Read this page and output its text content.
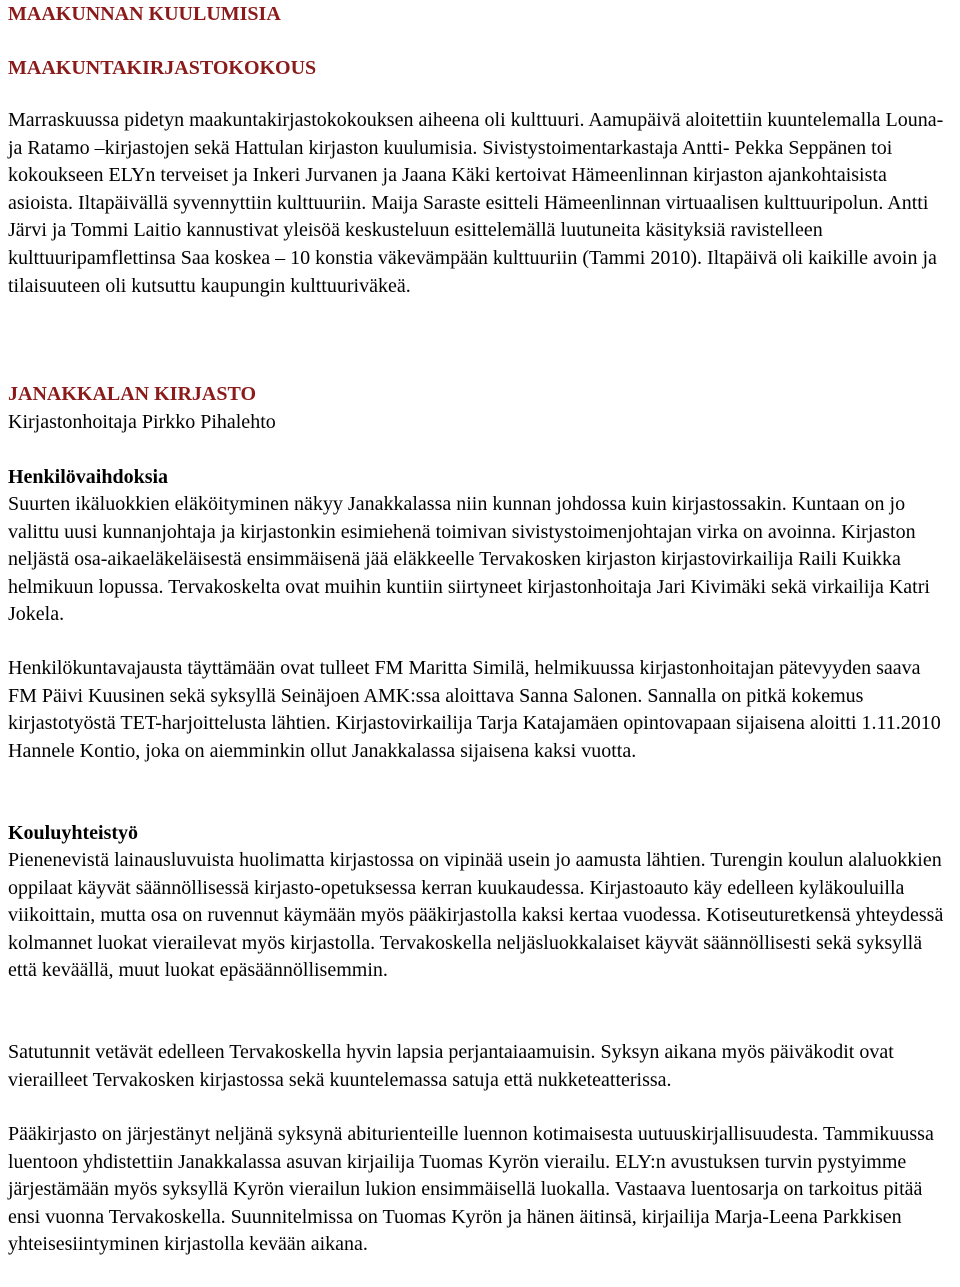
MAAKUNNAN KUULUMISIA
MAAKUNTAKIRJASTOKOKOUS

Marraskuussa pidetyn maakuntakirjastokokouksen aiheena oli kulttuuri. Aamupäivä aloitettiin kuuntelemalla Louna- ja Ratamo –kirjastojen sekä Hattulan kirjaston kuulumisia. Sivistystoimentarkastaja Antti- Pekka Seppänen toi kokoukseen ELYn terveiset ja Inkeri Jurvanen ja Jaana Käki kertoivat Hämeenlinnan kirjaston ajankohtaisista asioista. Iltapäivällä syvennyttiin kulttuuriin. Maija Saraste esitteli Hämeenlinnan virtuaalisen kulttuuripolun. Antti Järvi ja Tommi Laitio kannustivat yleisöä keskusteluun esittelemällä luutuneita käsityksiä ravistelleen kulttuuripamflettinsa Saa koskea – 10 konstia väkevämpään kulttuuriin (Tammi 2010). Iltapäivä oli kaikille avoin ja tilaisuuteen oli kutsuttu kaupungin kulttuuriväkeä.

JANAKKALAN KIRJASTO
Kirjastonhoitaja Pirkko Pihalehto
Henkilövaihdoksia

Suurten ikäluokkien eläköityminen näkyy Janakkalassa niin kunnan johdossa kuin kirjastossakin. Kuntaan on jo valittu uusi kunnanjohtaja ja kirjastonkin esimiehenä toimivan sivistystoimenjohtajan virka on avoinna. Kirjaston neljästä osa-aikaeläkeläisestä ensimmäisenä jää eläkkeelle Tervakosken kirjaston kirjastovirkailija Raili Kuikka helmikuun lopussa. Tervakoskelta ovat muihin kuntiin siirtyneet kirjastonhoitaja Jari Kivimäki sekä virkailija Katri Jokela.

Henkilökuntavajausta täyttämään ovat tulleet FM Maritta Similä, helmikuussa kirjastonhoitajan pätevyyden saava FM Päivi Kuusinen sekä syksyllä Seinäjoen AMK:ssa aloittava Sanna Salonen. Sannalla on pitkä kokemus kirjastotyöstä TET-harjoittelusta lähtien. Kirjastovirkailija Tarja Katajamäen opintovapaan sijaisena aloitti 1.11.2010 Hannele Kontio, joka on aiemminkin ollut Janakkalassa sijaisena kaksi vuotta.

Kouluyhteistyö

Pienenevistä lainausluvuista huolimatta kirjastossa on vipinää usein jo aamusta lähtien. Turengin koulun alaluokkien oppilaat käyvät säännöllisessä kirjasto-opetuksessa kerran kuukaudessa. Kirjastoauto käy edelleen kyläkouluilla viikoittain, mutta osa on ruvennut käymään myös pääkirjastolla kaksi kertaa vuodessa. Kotiseuturetkensä yhteydessä kolmannet luokat vierailevat myös kirjastolla. Tervakoskella neljäsluokkalaiset käyvät säännöllisesti sekä syksyllä että keväällä, muut luokat epäsäännöllisemmin.

Satutunnit vetävät edelleen Tervakoskella hyvin lapsia perjantaiaamuisin. Syksyn aikana myös päiväkodit ovat vierailleet Tervakosken kirjastossa sekä kuuntelemassa satuja että nukketeatterissa.

Pääkirjasto on järjestänyt neljänä syksynä abiturienteille luennon kotimaisesta uutuuskirjallisuudesta. Tammikuussa luentoon yhdistettiin Janakkalassa asuvan kirjailija Tuomas Kyrön vierailu. ELY:n avustuksen turvin pystyimme järjestämään myös syksyllä Kyrön vierailun lukion ensimmäisellä luokalla. Vastaava luentosarja on tarkoitus pitää ensi vuonna Tervakoskella. Suunnitelmissa on Tuomas Kyrön ja hänen äitinsä, kirjailija Marja-Leena Parkkisen yhteisesiintyminen kirjastolla kevään aikana.
